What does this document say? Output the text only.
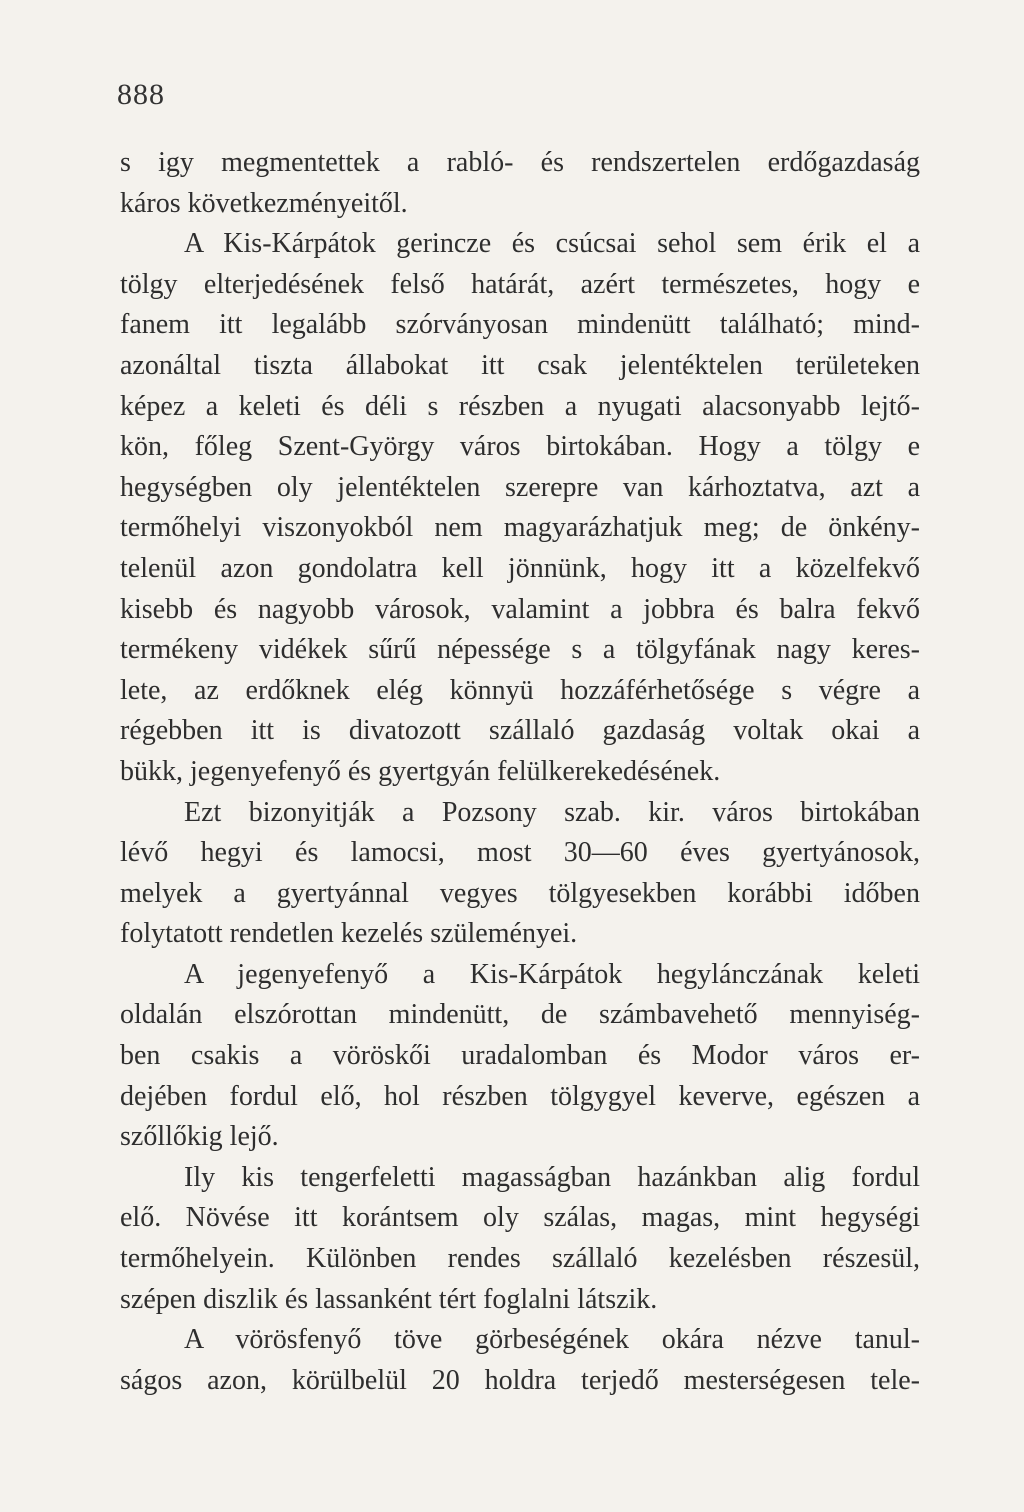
888
s igy megmentettek a rabló- és rendszertelen erdőgazdaság
káros következményeitől.
A Kis-Kárpátok gerincze és csúcsai sehol sem érik el a
tölgy elterjedésének felső határát, azért természetes, hogy e
fanem itt legalább szórványosan mindenütt található; mind-
azonáltal tiszta állabokat itt csak jelentéktelen területeken
képez a keleti és déli s részben a nyugati alacsonyabb lejtő-
kön, főleg Szent-György város birtokában. Hogy a tölgy e
hegységben oly jelentéktelen szerepre van kárhoztatva, azt a
termőhelyi viszonyokból nem magyarázhatjuk meg; de önkény-
telenül azon gondolatra kell jönnünk, hogy itt a közelfekvő
kisebb és nagyobb városok, valamint a jobbra és balra fekvő
termékeny vidékek sűrű népessége s a tölgyfának nagy keres-
lete, az erdőknek elég könnyü hozzáférhetősége s végre a
régebben itt is divatozott szállaló gazdaság voltak okai a
bükk, jegenyefenyő és gyertgyán felülkerekedésének.
Ezt bizonyitják a Pozsony szab. kir. város birtokában
lévő hegyi és lamocsi, most 30—60 éves gyertyánosok,
melyek a gyertyánnal vegyes tölgyesekben korábbi időben
folytatott rendetlen kezelés szüleményei.
A jegenyefenyő a Kis-Kárpátok hegylánczának keleti
oldalán elszórottan mindenütt, de számbavehető mennyiség-
ben csakis a vöröskői uradalomban és Modor város er-
dejében fordul elő, hol részben tölgygyel keverve, egészen a
szőllőkig lejő.
Ily kis tengerfeletti magasságban hazánkban alig fordul
elő. Növése itt korántsem oly szálas, magas, mint hegységi
termőhelyein. Különben rendes szállaló kezelésben részesül,
szépen diszlik és lassanként tért foglalni látszik.
A vörösfenyő töve görbeségének okára nézve tanul-
ságos azon, körülbelül 20 holdra terjedő mesterségesen tele-
